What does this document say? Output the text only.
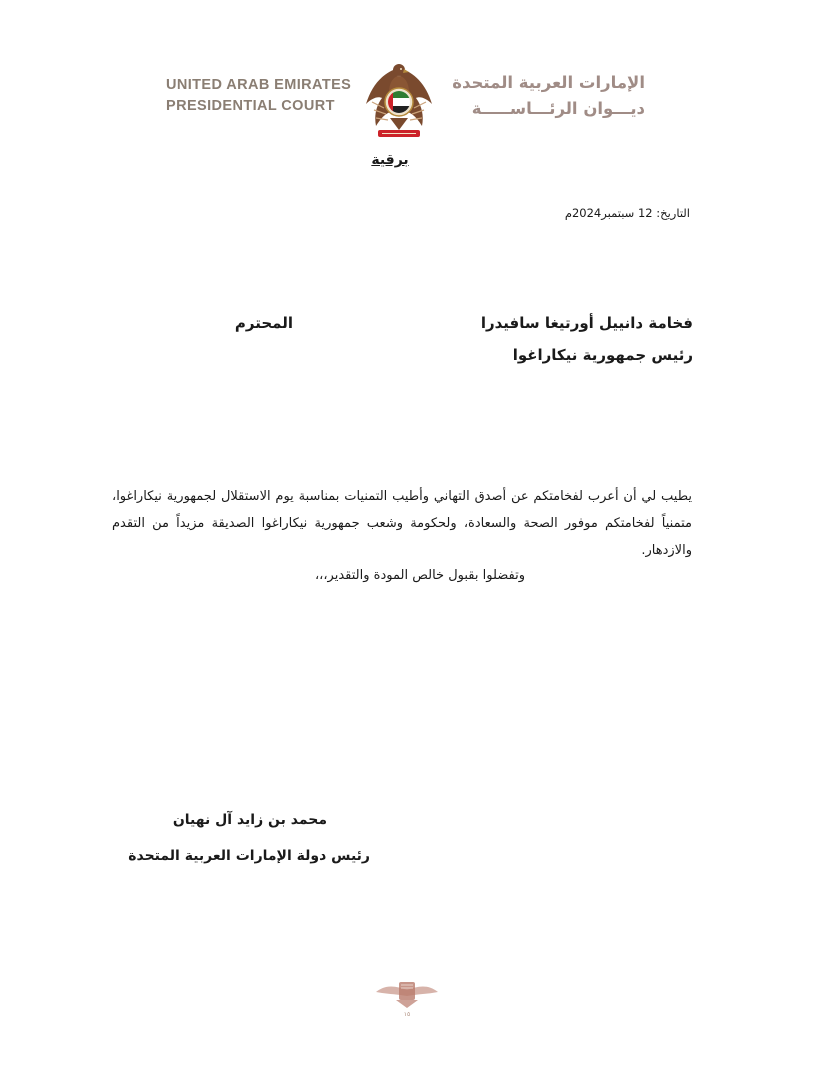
UNITED ARAB EMIRATES
PRESIDENTIAL COURT
الإمارات العربية المتحدة
ديـــوان الرئـــاســـــة
برقية
التاريخ: 12 سبتمبر2024م
فخامة دانييل أورتيغا سافيدرا
المحترم
رئيس جمهورية نيكاراغوا
يطيب لي أن أعرب لفخامتكم عن أصدق التهاني وأطيب التمنيات بمناسبة يوم الاستقلال لجمهورية نيكاراغوا، متمنياً لفخامتكم موفور الصحة والسعادة، ولحكومة وشعب جمهورية نيكاراغوا الصديقة مزيداً من التقدم والازدهار.
وتفضلوا بقبول خالص المودة والتقدير،،،
محمد بن زايد آل نهيان
رئيس دولة الإمارات العربية المتحدة
١٥
